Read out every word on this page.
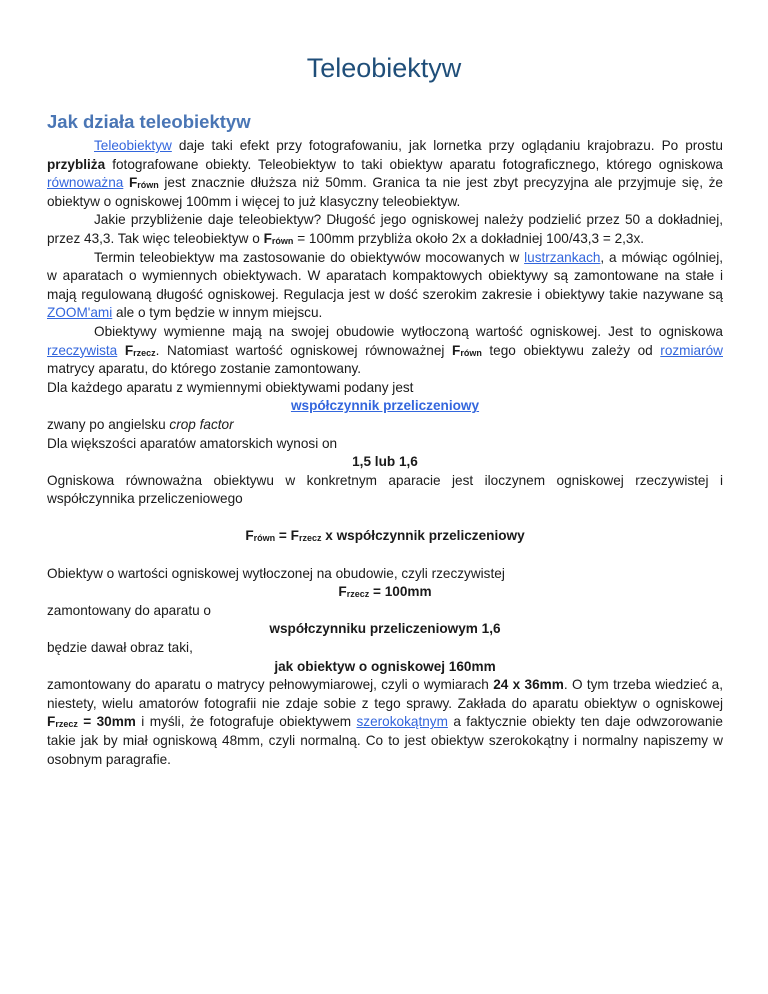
Teleobiektyw
Jak działa teleobiektyw

Teleobiektyw daje taki efekt przy fotografowaniu, jak lornetka przy oglądaniu krajobrazu. Po prostu przybliża fotografowane obiekty. Teleobiektyw to taki obiektyw aparatu fotograficznego, którego ogniskowa równoważna Frówn jest znacznie dłuższa niż 50mm. Granica ta nie jest zbyt precyzyjna ale przyjmuje się, że obiektyw o ogniskowej 100mm i więcej to już klasyczny teleobiektyw.

Jakie przybliżenie daje teleobiektyw? Długość jego ogniskowej należy podzielić przez 50 a dokładniej, przez 43,3. Tak więc teleobiektyw o Frówn = 100mm przybliża około 2x a dokładniej 100/43,3 = 2,3x.

Termin teleobiektyw ma zastosowanie do obiektywów mocowanych w lustrzankach, a mówiąc ogólniej, w aparatach o wymiennych obiektywach. W aparatach kompaktowych obiektywy są zamontowane na stałe i mają regulowaną długość ogniskowej. Regulacja jest w dość szerokim zakresie i obiektywy takie nazywane są ZOOM'ami ale o tym będzie w innym miejscu.

Obiektywy wymienne mają na swojej obudowie wytłoczoną wartość ogniskowej. Jest to ogniskowa rzeczywista Frzecz. Natomiast wartość ogniskowej równoważnej Frówn tego obiektywu zależy od rozmiarów matrycy aparatu, do którego zostanie zamontowany.

Dla każdego aparatu z wymiennymi obiektywami podany jest

współczynnik przeliczeniowy

zwany po angielsku crop factor

Dla większości aparatów amatorskich wynosi on

1,5 lub 1,6

Ogniskowa równoważna obiektywu w konkretnym aparacie jest iloczynem ogniskowej rzeczywistej i współczynnika przeliczeniowego

Frówn = Frzecz x współczynnik przeliczeniowy

Obiektyw o wartości ogniskowej wytłoczonej na obudowie, czyli rzeczywistej

Frzecz = 100mm

zamontowany do aparatu o

współczynniku przeliczeniowym 1,6

będzie dawał obraz taki,

jak obiektyw o ogniskowej 160mm

zamontowany do aparatu o matrycy pełnowymiarowej, czyli o wymiarach 24 x 36mm. O tym trzeba wiedzieć a, niestety, wielu amatorów fotografii nie zdaje sobie z tego sprawy. Zakłada do aparatu obiektyw o ogniskowej Frzecz = 30mm i myśli, że fotografuje obiektywem szerokokątnym a faktycznie obiekty ten daje odwzorowanie takie jak by miał ogniskową 48mm, czyli normalną. Co to jest obiektyw szerokokątny i normalny napiszemy w osobnym paragrafie.
